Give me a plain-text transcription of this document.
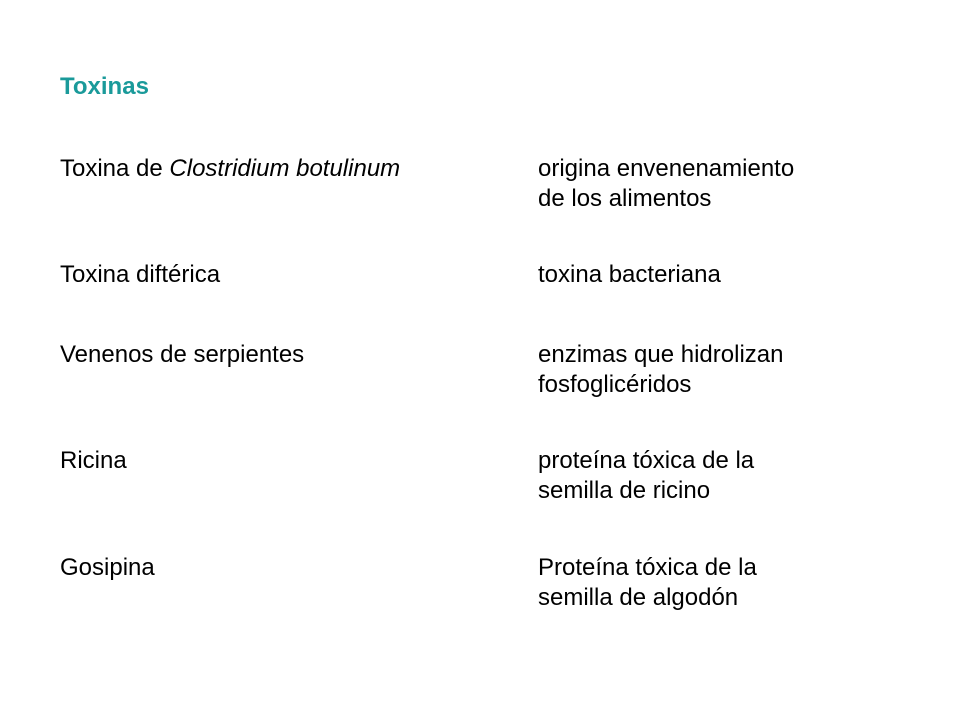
Toxinas
Toxina de Clostridium botulinum	origina envenenamiento
de los alimentos
Toxina diftérica	toxina bacteriana
Venenos de serpientes	enzimas que hidrolizan
fosfoglicéridos
Ricina	proteína tóxica de la
semilla de ricino
Gosipina	Proteína tóxica de la
semilla de algodón
